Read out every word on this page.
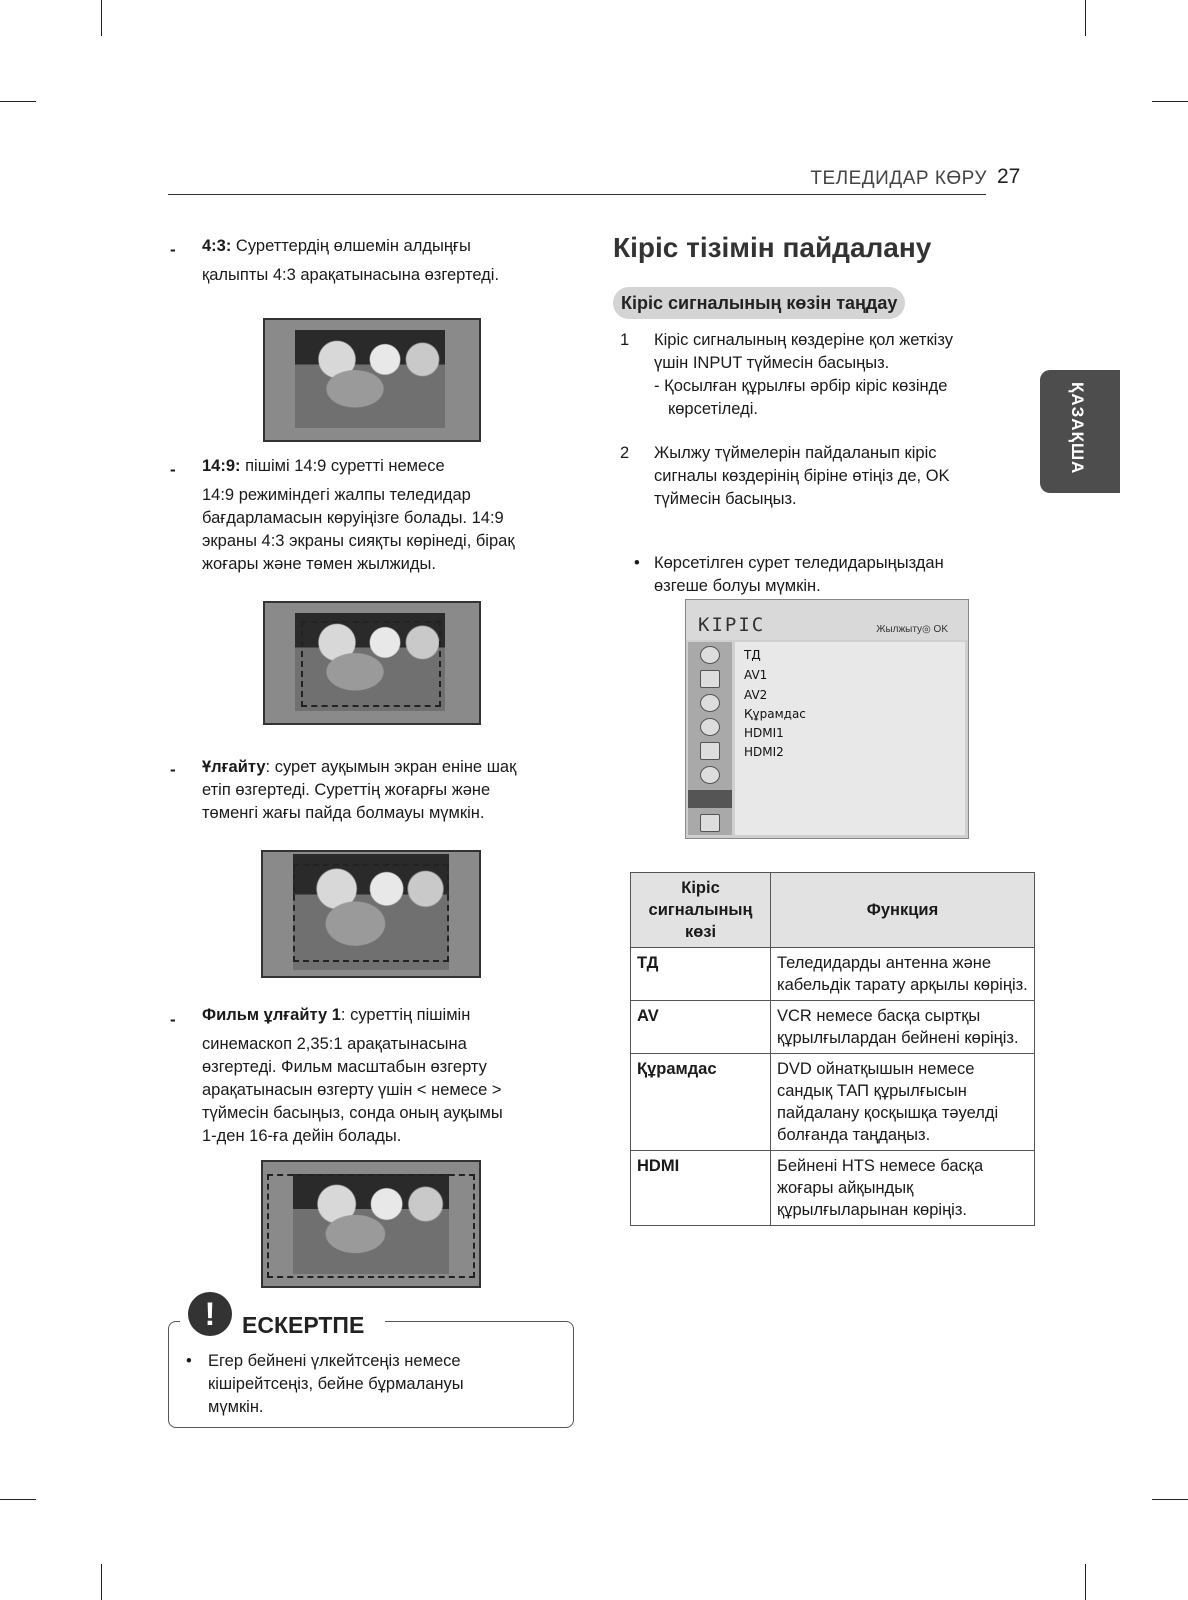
ТЕЛЕДИДАР КӨРУ 27
ҚАЗАҚША
- 4:3: Суреттердің өлшемін алдыңғы
қалыпты 4:3 арақатынасына өзгертеді.
- 14:9: пішімі 14:9 суретті немесе
14:9 режиміндегі жалпы теледидар
бағдарламасын көруіңізге болады. 14:9
экраны 4:3 экраны сияқты көрінеді, бірақ
жоғары және төмен жылжиды.
- Ұлғайту: сурет ауқымын экран еніне шақ
етіп өзгертеді. Суреттің жоғарғы және
төменгі жағы пайда болмауы мүмкін.
- Фильм ұлғайту 1: суреттің пішімін
синемаскоп 2,35:1 арақатынасына
өзгертеді. Фильм масштабын өзгерту
арақатынасын өзгерту үшін < немесе >
түймесін басыңыз, сонда оның ауқымы
1-ден 16-ға дейін болады.
!	ЕСКЕРТПЕ
• Егер бейнені үлкейтсеңіз немесе
кішірейтсеңіз, бейне бұрмалануы
мүмкін.
Кіріс тізімін пайдалану
Кіріс сигналының көзін таңдау
1 Кіріс сигналының көздеріне қол жеткізу
үшін INPUT түймесін басыңыз.
- Қосылған құрылғы әрбір кіріс көзінде
көрсетіледі.
2 Жылжу түймелерін пайдаланып кіріс
сигналы көздерінің біріне өтіңіз де, OK
түймесін басыңыз.
• Көрсетілген сурет теледидарыңыздан
өзгеше болуы мүмкін.
КІРІС	Жылжыту◎ OK
ТД
AV1
AV2
Құрамдас
HDMI1
HDMI2
Кіріс сигналының көзі	Функция
ТД	Теледидарды антенна және кабельдік тарату арқылы көріңіз.
AV	VCR немесе басқа сыртқы құрылғылардан бейнені көріңіз.
Құрамдас	DVD ойнатқышын немесе сандық ТАП құрылғысын пайдалану қосқышқа тәуелді болғанда таңдаңыз.
HDMI	Бейнені HTS немесе басқа жоғары айқындық құрылғыларынан көріңіз.
